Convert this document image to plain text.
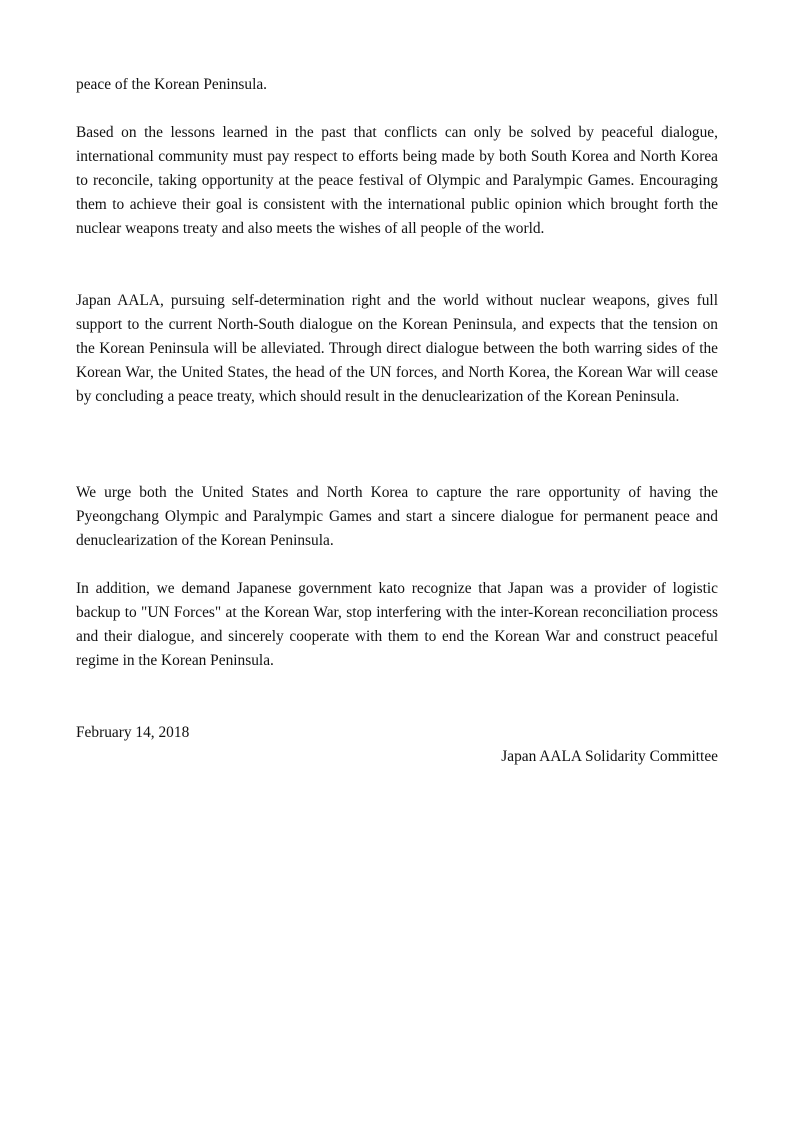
peace of the Korean Peninsula.

Based on the lessons learned in the past that conflicts can only be solved by peaceful dialogue, international community must pay respect to efforts being made by both South Korea and North Korea to reconcile, taking opportunity at the peace festival of Olympic and Paralympic Games. Encouraging them to achieve their goal is consistent with the international public opinion which brought forth the nuclear weapons treaty and also meets the wishes of all people of the world.

Japan AALA, pursuing self-determination right and the world without nuclear weapons, gives full support to the current North-South dialogue on the Korean Peninsula, and expects that the tension on the Korean Peninsula will be alleviated. Through direct dialogue between the both warring sides of the Korean War, the United States, the head of the UN forces, and North Korea, the Korean War will cease by concluding a peace treaty, which should result in the denuclearization of the Korean Peninsula.

We urge both the United States and North Korea to capture the rare opportunity of having the Pyeongchang Olympic and Paralympic Games and start a sincere dialogue for permanent peace and denuclearization of the Korean Peninsula.

In addition, we demand Japanese government kato recognize that Japan was a provider of logistic backup to "UN Forces" at the Korean War, stop interfering with the inter-Korean reconciliation process and their dialogue, and sincerely cooperate with them to end the Korean War and construct peaceful regime in the Korean Peninsula.

February 14, 2018

Japan AALA Solidarity Committee
